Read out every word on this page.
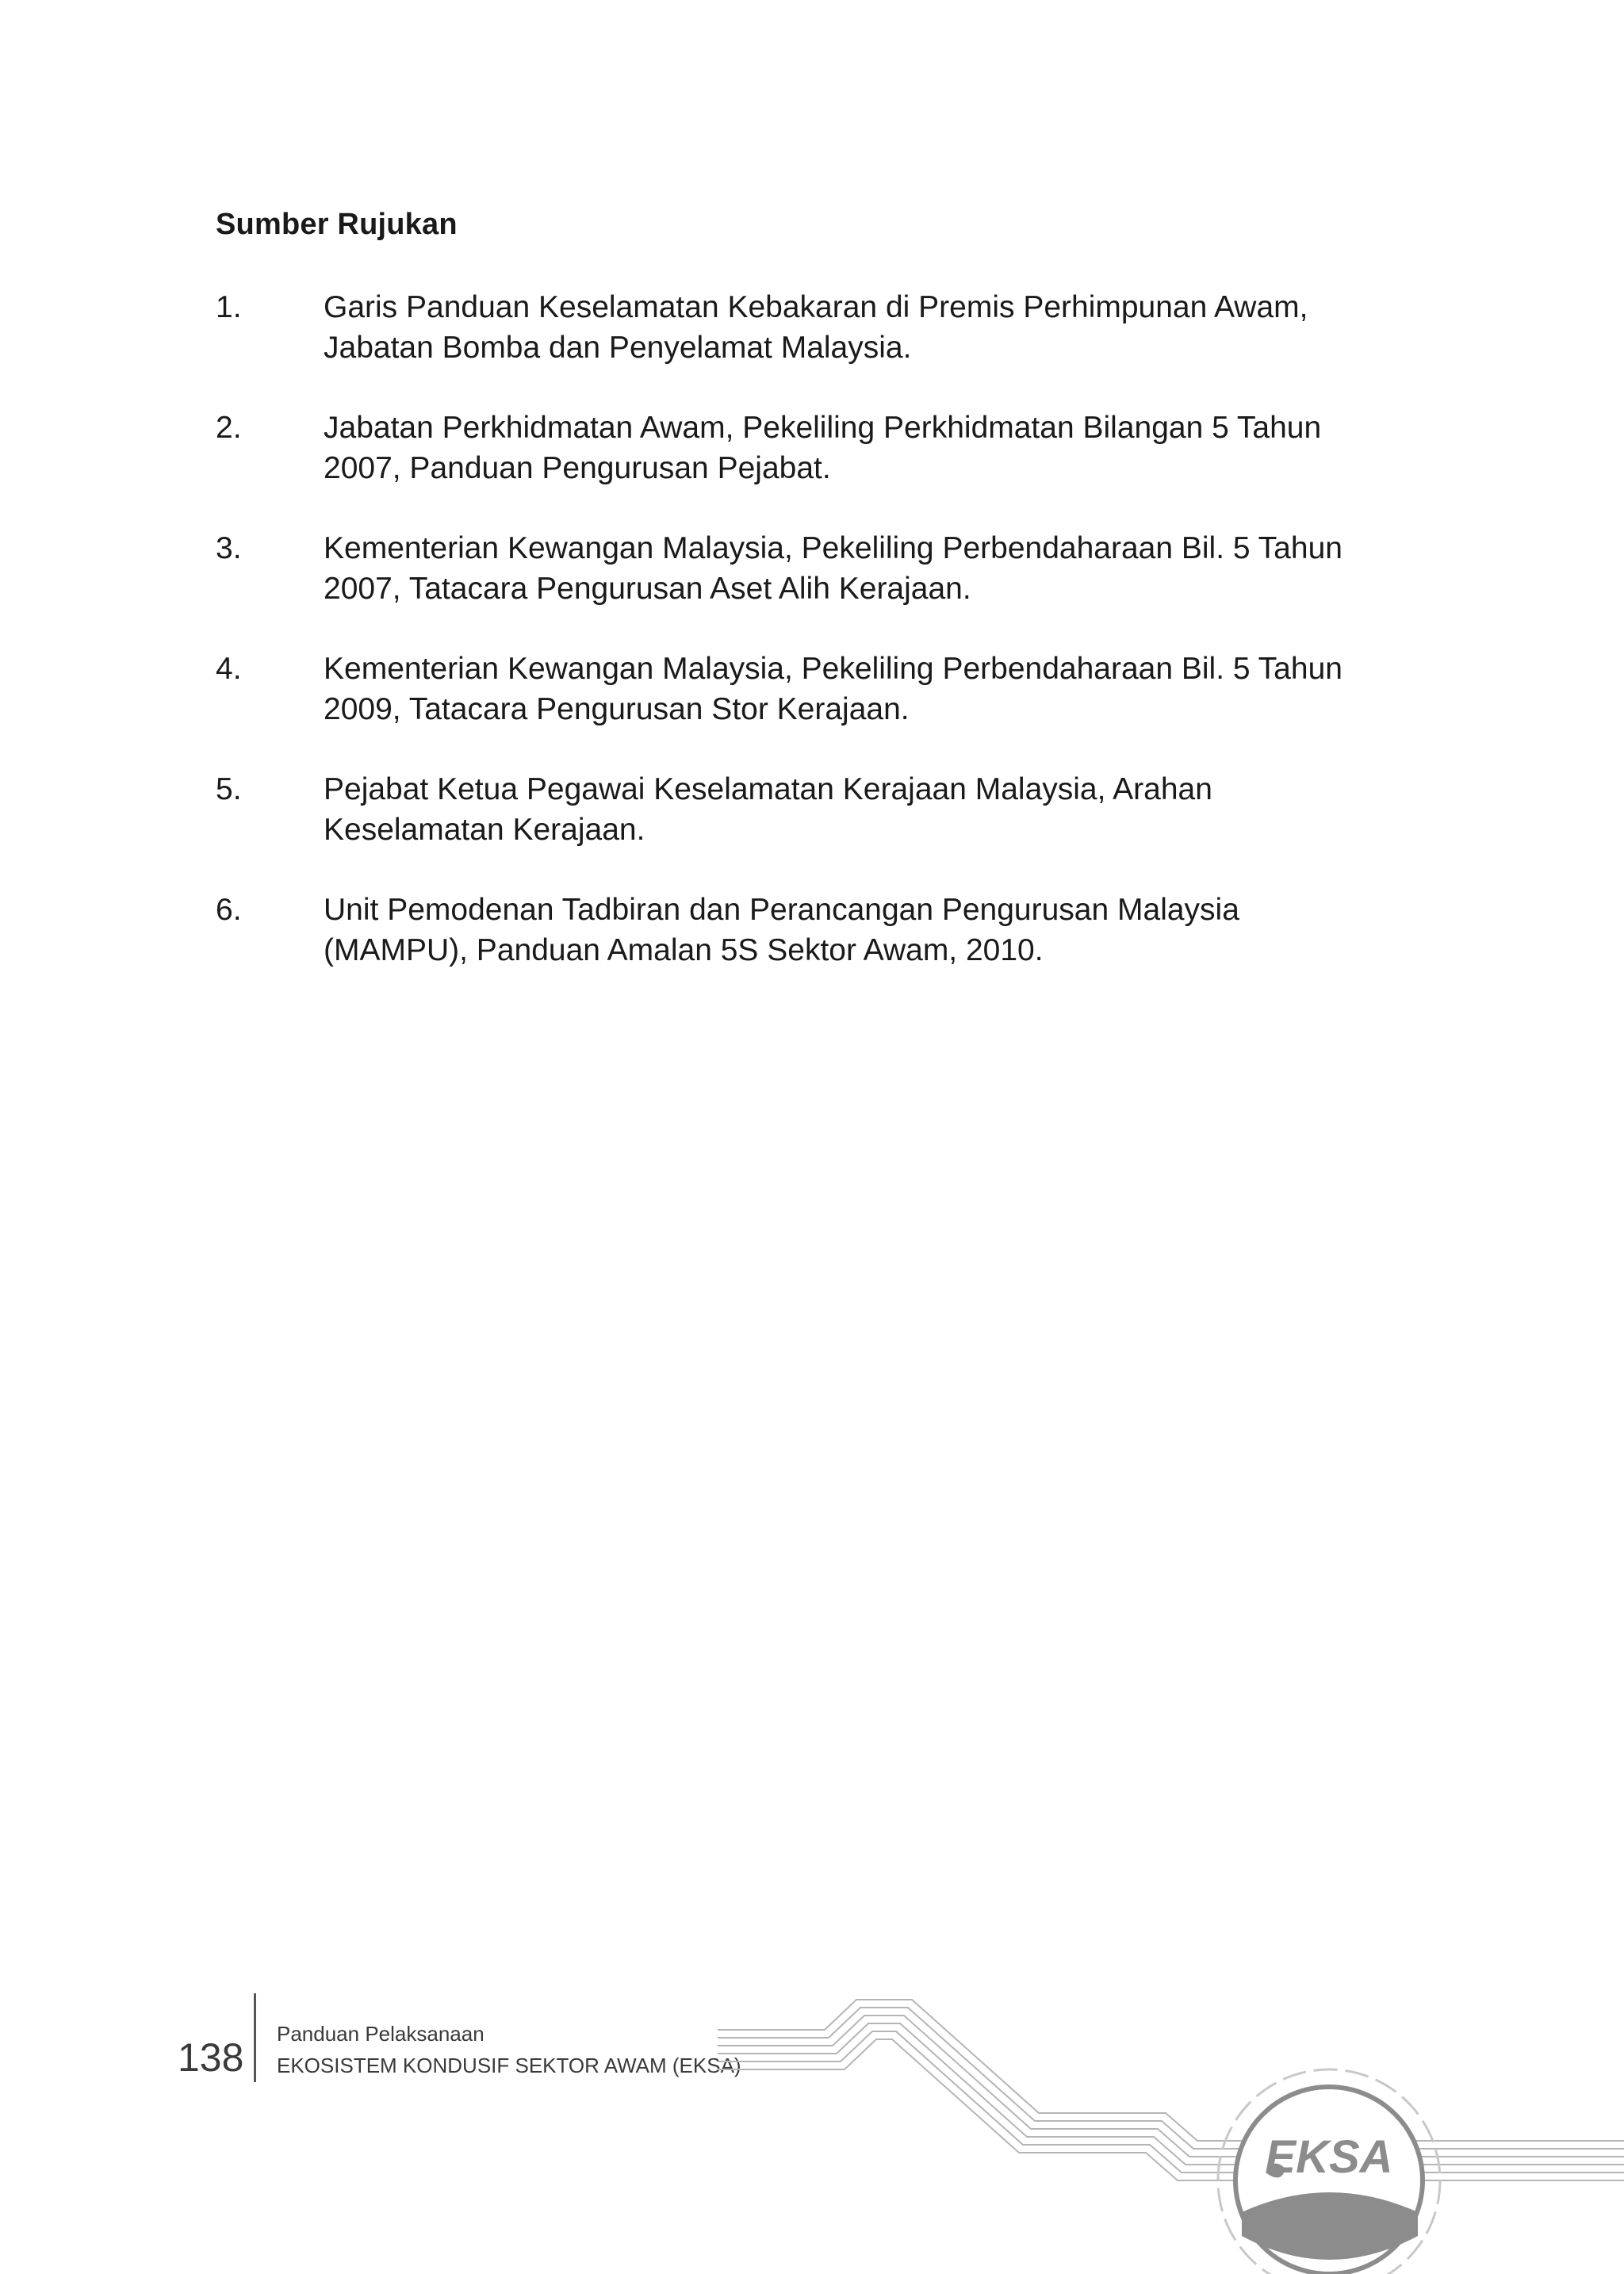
Sumber Rujukan
1.	Garis Panduan Keselamatan Kebakaran di Premis Perhimpunan Awam, Jabatan Bomba dan Penyelamat Malaysia.
2.	Jabatan Perkhidmatan Awam, Pekeliling Perkhidmatan Bilangan 5 Tahun 2007, Panduan Pengurusan Pejabat.
3.	Kementerian Kewangan Malaysia, Pekeliling Perbendaharaan Bil. 5 Tahun 2007, Tatacara Pengurusan Aset Alih Kerajaan.
4.	Kementerian Kewangan Malaysia, Pekeliling Perbendaharaan Bil. 5 Tahun 2009, Tatacara Pengurusan Stor Kerajaan.
5.	Pejabat Ketua Pegawai Keselamatan Kerajaan Malaysia, Arahan Keselamatan Kerajaan.
6.	Unit Pemodenan Tadbiran dan Perancangan Pengurusan Malaysia (MAMPU), Panduan Amalan 5S Sektor Awam, 2010.
138
Panduan Pelaksanaan
EKOSISTEM KONDUSIF SEKTOR AWAM (EKSA)
EKSA
